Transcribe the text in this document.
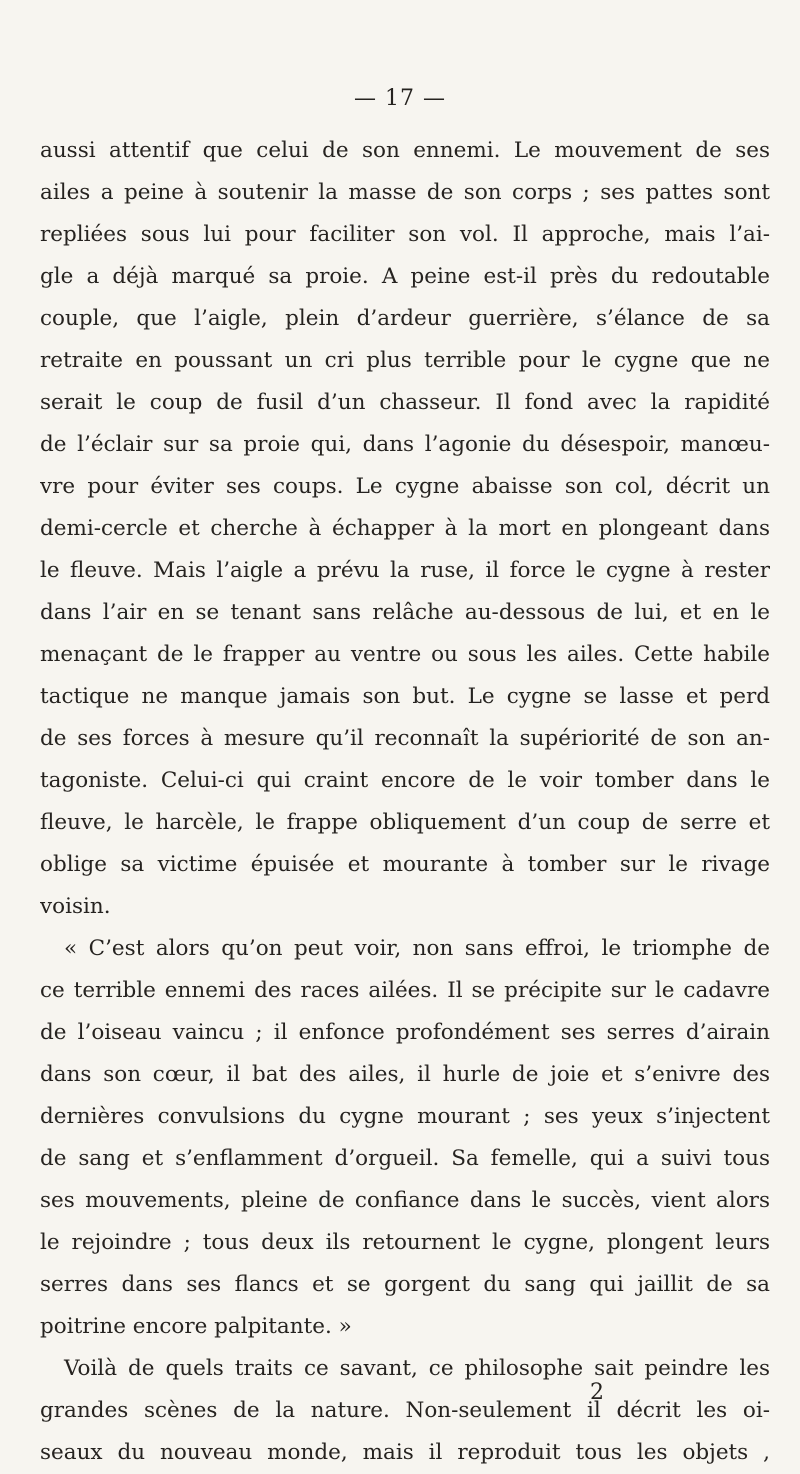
— 17 —
aussi attentif que celui de son ennemi. Le mouvement de ses
ailes a peine à soutenir la masse de son corps ; ses pattes sont
repliées sous lui pour faciliter son vol. Il approche, mais l’ai-
gle a déjà marqué sa proie. A peine est-il près du redoutable
couple, que l’aigle, plein d’ardeur guerrière, s’élance de sa
retraite en poussant un cri plus terrible pour le cygne que ne
serait le coup de fusil d’un chasseur. Il fond avec la rapidité
de l’éclair sur sa proie qui, dans l’agonie du désespoir, manœu-
vre pour éviter ses coups. Le cygne abaisse son col, décrit un
demi-cercle et cherche à échapper à la mort en plongeant dans
le fleuve. Mais l’aigle a prévu la ruse, il force le cygne à rester
dans l’air en se tenant sans relâche au-dessous de lui, et en le
menaçant de le frapper au ventre ou sous les ailes. Cette habile
tactique ne manque jamais son but. Le cygne se lasse et perd
de ses forces à mesure qu’il reconnaît la supériorité de son an-
tagoniste. Celui-ci qui craint encore de le voir tomber dans le
fleuve, le harcèle, le frappe obliquement d’un coup de serre et
oblige sa victime épuisée et mourante à tomber sur le rivage
voisin.
« C’est alors qu’on peut voir, non sans effroi, le triomphe de
ce terrible ennemi des races ailées. Il se précipite sur le cadavre
de l’oiseau vaincu ; il enfonce profondément ses serres d’airain
dans son cœur, il bat des ailes, il hurle de joie et s’enivre des
dernières convulsions du cygne mourant ; ses yeux s’injectent
de sang et s’enflamment d’orgueil. Sa femelle, qui a suivi tous
ses mouvements, pleine de confiance dans le succès, vient alors
le rejoindre ; tous deux ils retournent le cygne, plongent leurs
serres dans ses flancs et se gorgent du sang qui jaillit de sa
poitrine encore palpitante. »
Voilà de quels traits ce savant, ce philosophe sait peindre les
grandes scènes de la nature. Non-seulement il décrit les oi-
seaux du nouveau monde, mais il reproduit tous les objets ,
2
